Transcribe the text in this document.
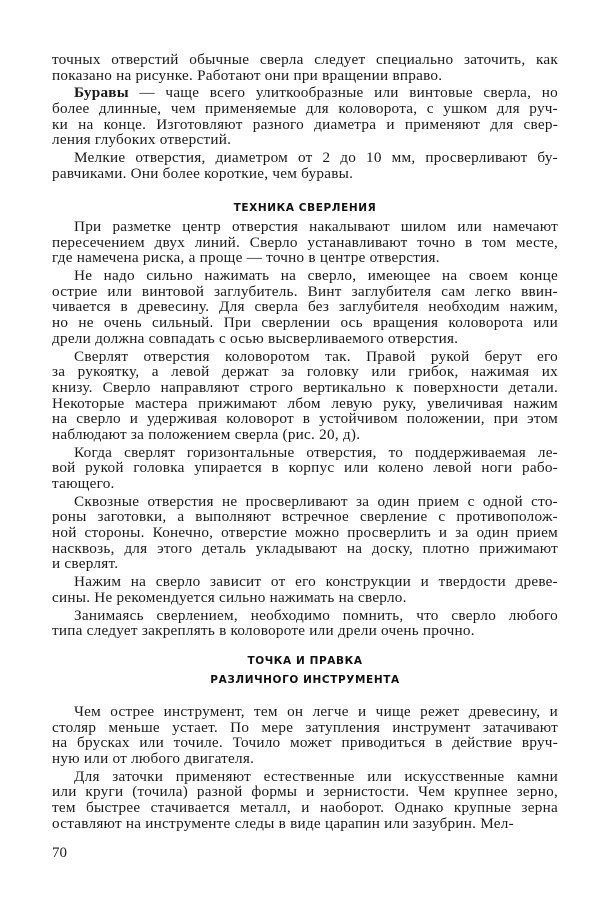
точных отверстий обычные сверла следует специально заточить, как
показано на рисунке. Работают они при вращении вправо.
Буравы — чаще всего улиткообразные или винтовые сверла, но
более длинные, чем применяемые для коловорота, с ушком для руч-
ки на конце. Изготовляют разного диаметра и применяют для свер-
ления глубоких отверстий.
Мелкие отверстия, диаметром от 2 до 10 мм, просверливают бу-
равчиками. Они более короткие, чем буравы.
ТЕХНИКА СВЕРЛЕНИЯ
При разметке центр отверстия накалывают шилом или намечают
пересечением двух линий. Сверло устанавливают точно в том месте,
где намечена риска, а проще — точно в центре отверстия.
Не надо сильно нажимать на сверло, имеющее на своем конце
острие или винтовой заглубитель. Винт заглубителя сам легко ввин-
чивается в древесину. Для сверла без заглубителя необходим нажим,
но не очень сильный. При сверлении ось вращения коловорота или
дрели должна совпадать с осью высверливаемого отверстия.
Сверлят отверстия коловоротом так. Правой рукой берут его
за рукоятку, а левой держат за головку или грибок, нажимая их
книзу. Сверло направляют строго вертикально к поверхности детали.
Некоторые мастера прижимают лбом левую руку, увеличивая нажим
на сверло и удерживая коловорот в устойчивом положении, при этом
наблюдают за положением сверла (рис. 20, д).
Когда сверлят горизонтальные отверстия, то поддерживаемая ле-
вой рукой головка упирается в корпус или колено левой ноги рабо-
тающего.
Сквозные отверстия не просверливают за один прием с одной сто-
роны заготовки, а выполняют встречное сверление с противополож-
ной стороны. Конечно, отверстие можно просверлить и за один прием
насквозь, для этого деталь укладывают на доску, плотно прижимают
и сверлят.
Нажим на сверло зависит от его конструкции и твердости древе-
сины. Не рекомендуется сильно нажимать на сверло.
Занимаясь сверлением, необходимо помнить, что сверло любого
типа следует закреплять в коловороте или дрели очень прочно.
ТОЧКА И ПРАВКА
РАЗЛИЧНОГО ИНСТРУМЕНТА
Чем острее инструмент, тем он легче и чище режет древесину, и
столяр меньше устает. По мере затупления инструмент затачивают
на брусках или точиле. Точило может приводиться в действие вруч-
ную или от любого двигателя.
Для заточки применяют естественные или искусственные камни
или круги (точила) разной формы и зернистости. Чем крупнее зерно,
тем быстрее стачивается металл, и наоборот. Однако крупные зерна
оставляют на инструменте следы в виде царапин или зазубрин. Мел-
70
